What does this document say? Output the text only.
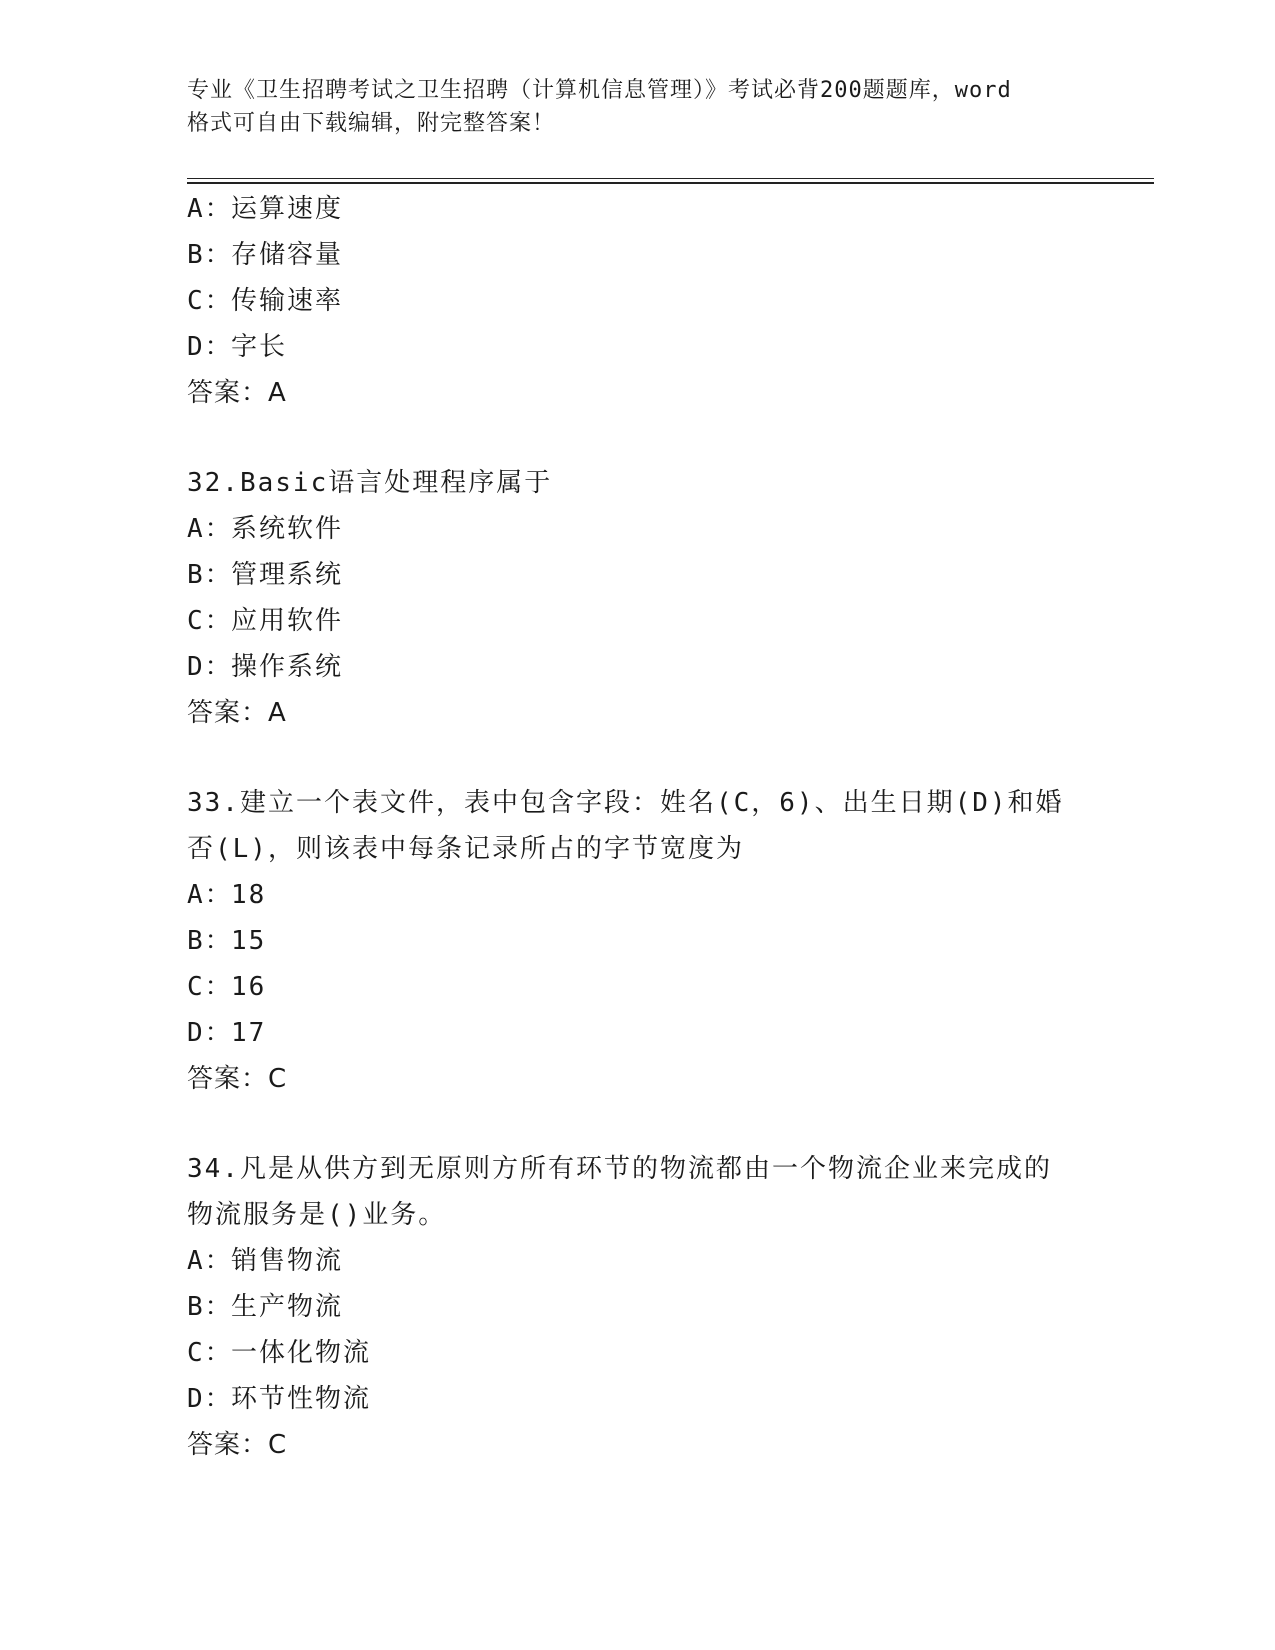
专业《卫生招聘考试之卫生招聘（计算机信息管理）》考试必背200题题库，word
格式可自由下载编辑，附完整答案！
A：运算速度
B：存储容量
C：传输速率
D：字长
答案：A
32.Basic语言处理程序属于
A：系统软件
B：管理系统
C：应用软件
D：操作系统
答案：A
33.建立一个表文件，表中包含字段：姓名(C，6)、出生日期(D)和婚否(L)，则该表中每条记录所占的字节宽度为
A：18
B：15
C：16
D：17
答案：C
34.凡是从供方到无原则方所有环节的物流都由一个物流企业来完成的物流服务是()业务。
A：销售物流
B：生产物流
C：一体化物流
D：环节性物流
答案：C
